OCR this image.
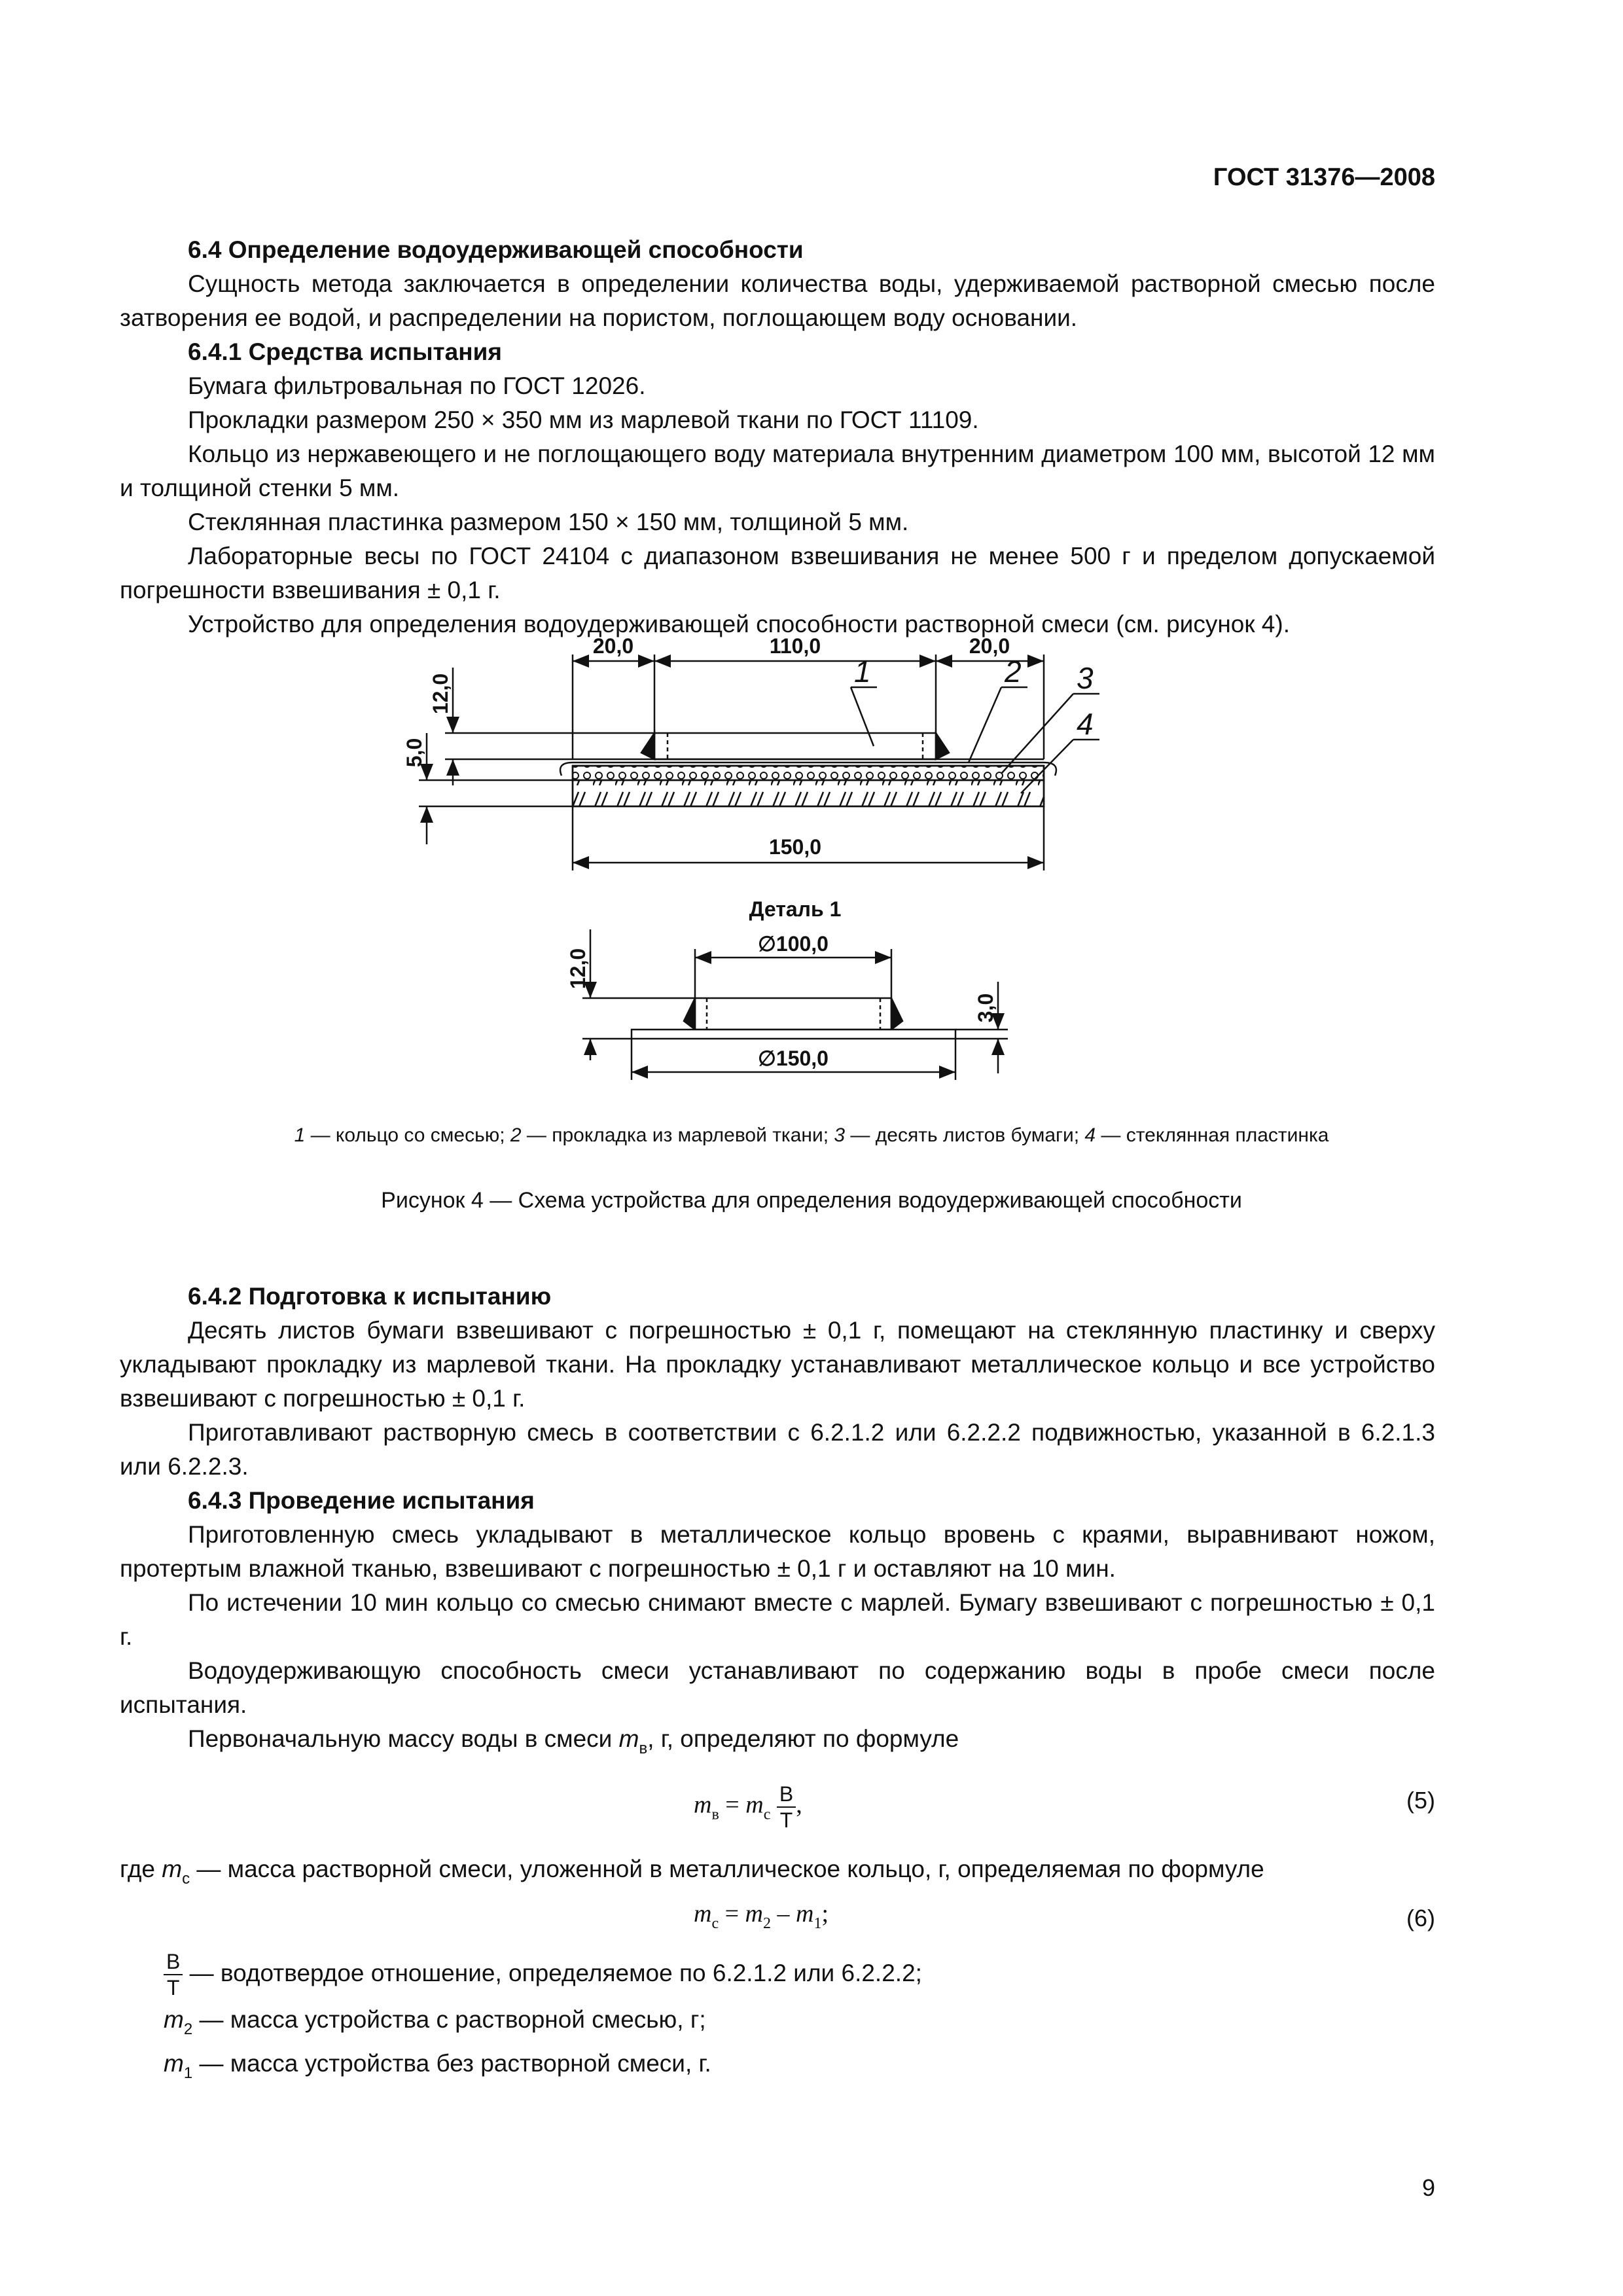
ГОСТ 31376—2008

6.4 Определение водоудерживающей способности

Сущность метода заключается в определении количества воды, удерживаемой растворной смесью после затворения ее водой, и распределении на пористом, поглощающем воду основании.

6.4.1 Средства испытания

Бумага фильтровальная по ГОСТ 12026.

Прокладки размером 250 × 350 мм из марлевой ткани по ГОСТ 11109.

Кольцо из нержавеющего и не поглощающего воду материала внутренним диаметром 100 мм, высотой 12 мм и толщиной стенки 5 мм.

Стеклянная пластинка размером 150 × 150 мм, толщиной 5 мм.

Лабораторные весы по ГОСТ 24104 с диапазоном взвешивания не менее 500 г и пределом допускаемой погрешности взвешивания ± 0,1 г.

Устройство для определения водоудерживающей способности растворной смеси (см. рисунок 4).

20,0	110,0	20,0
150,0
12,0
5,0
Деталь 1
∅100,0
∅150,0
12,0
3,0
1	2 3
4
1 — кольцо со смесью; 2 — прокладка из марлевой ткани; 3 — десять листов бумаги; 4 — стеклянная пластинка
Рисунок 4 — Схема устройства для определения водоудерживающей способности

6.4.2 Подготовка к испытанию

Десять листов бумаги взвешивают с погрешностью ± 0,1 г, помещают на стеклянную пластинку и сверху укладывают прокладку из марлевой ткани. На прокладку устанавливают металлическое кольцо и все устройство взвешивают с погрешностью ± 0,1 г.

Приготавливают растворную смесь в соответствии с 6.2.1.2 или 6.2.2.2 подвижностью, указанной в 6.2.1.3 или 6.2.2.3.

6.4.3 Проведение испытания

Приготовленную смесь укладывают в металлическое кольцо вровень с краями, выравнивают ножом, протертым влажной тканью, взвешивают с погрешностью ± 0,1 г и оставляют на 10 мин.

По истечении 10 мин кольцо со смесью снимают вместе с марлей. Бумагу взвешивают с погрешностью ± 0,1 г.

Водоудерживающую способность смеси устанавливают по содержанию воды в пробе смеси после испытания.

Первоначальную массу воды в смеси $m_в$, г, определяют по формуле

$m_в = m_с \frac{В}{Т}$ ,	(5)

где $m_с$ — масса растворной смеси, уложенной в металлическое кольцо, г, определяемая по формуле

$m_с = m_2 - m_1$;	(6)

$\frac{В}{Т}$ — водотвердое отношение, определяемое по 6.2.1.2 или 6.2.2.2;

$m_2$ — масса устройства с растворной смесью, г;

$m_1$ — масса устройства без растворной смеси, г.

9
